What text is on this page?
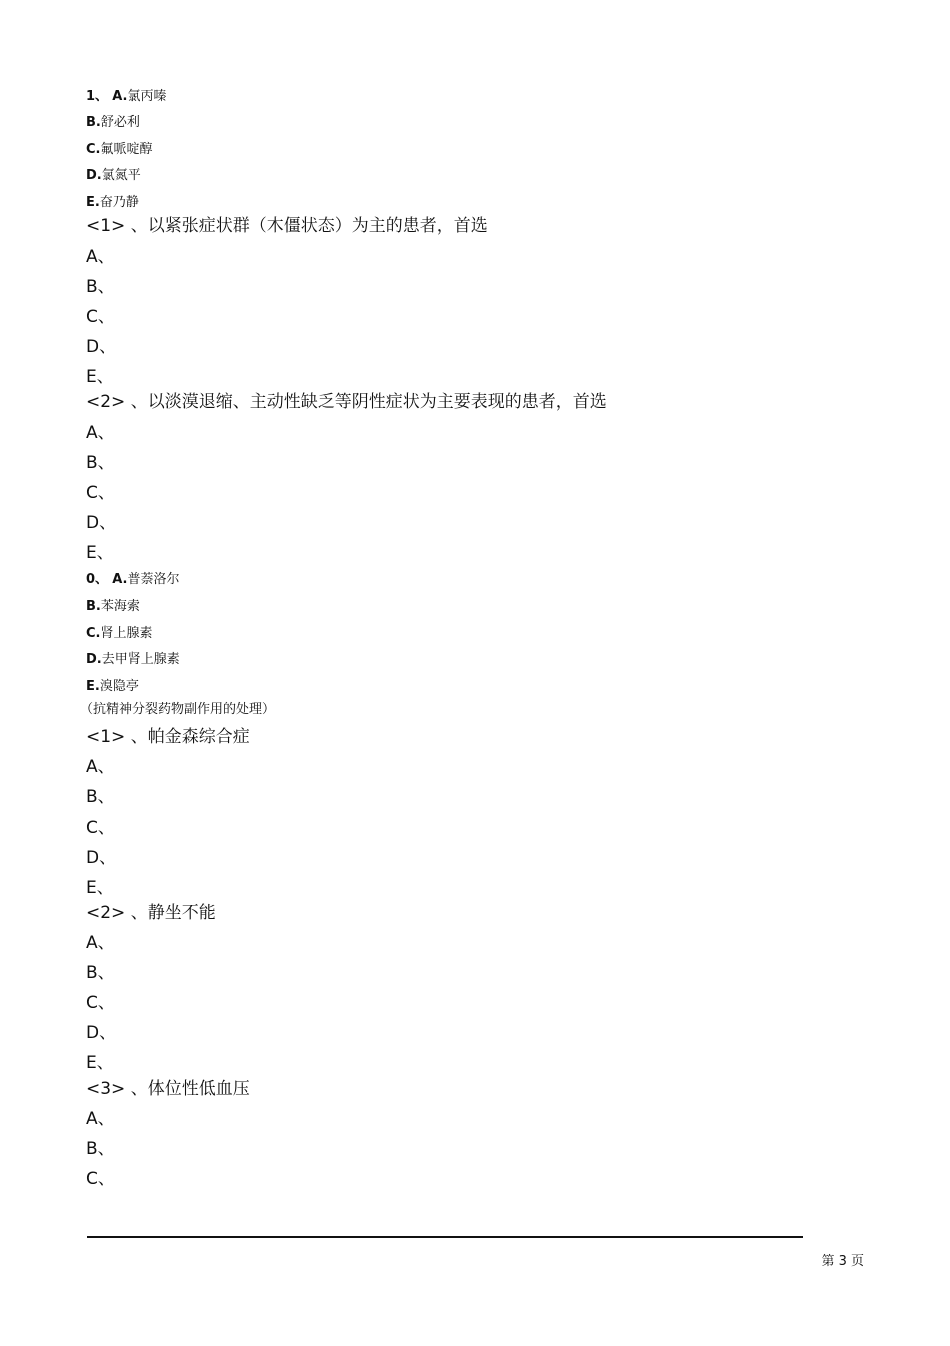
1、 A.氯丙嗪
B.舒必利
C.氟哌啶醇
D.氯氮平
E.奋乃静
<1> 、以紧张症状群（木僵状态）为主的患者，首选
A、
B、
C、
D、
E、
<2> 、以淡漠退缩、主动性缺乏等阴性症状为主要表现的患者，首选
A、
B、
C、
D、
E、
0、 A.普萘洛尔
B.苯海索
C.肾上腺素
D.去甲肾上腺素
E.溴隐亭
（抗精神分裂药物副作用的处理）
<1> 、帕金森综合症
A、
B、
C、
D、
E、
<2> 、静坐不能
A、
B、
C、
D、
E、
<3> 、体位性低血压
A、
B、
C、
第 3 页
